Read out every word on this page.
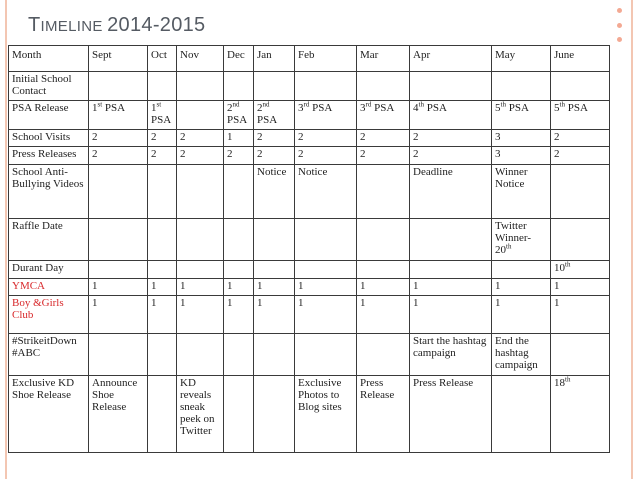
TIMELINE 2014-2015
Month	Sept	Oct	Nov	Dec	Jan	Feb	Mar	Apr	May	June
Initial School Contact										
PSA Release	1st PSA	1st PSA		2nd PSA	2nd PSA	3rd PSA	3rd PSA	4th PSA	5th PSA	5th PSA
School Visits	2	2	2	1	2	2	2	2	3	2
Press Releases	2	2	2	2	2	2	2	2	3	2
School Anti-Bullying Videos					Notice	Notice		Deadline	Winner Notice	
Raffle Date									Twitter Winner-20th	
Durant Day										10th
YMCA	1	1	1	1	1	1	1	1	1	1
Boy &Girls Club	1	1	1	1	1	1	1	1	1	1
#StrikeitDown #ABC								Start the hashtag campaign	End the hashtag campaign	
Exclusive KD Shoe Release	Announce Shoe Release		KD reveals sneak peek on Twitter			Exclusive Photos to Blog sites	Press Release	Press Release		18th
